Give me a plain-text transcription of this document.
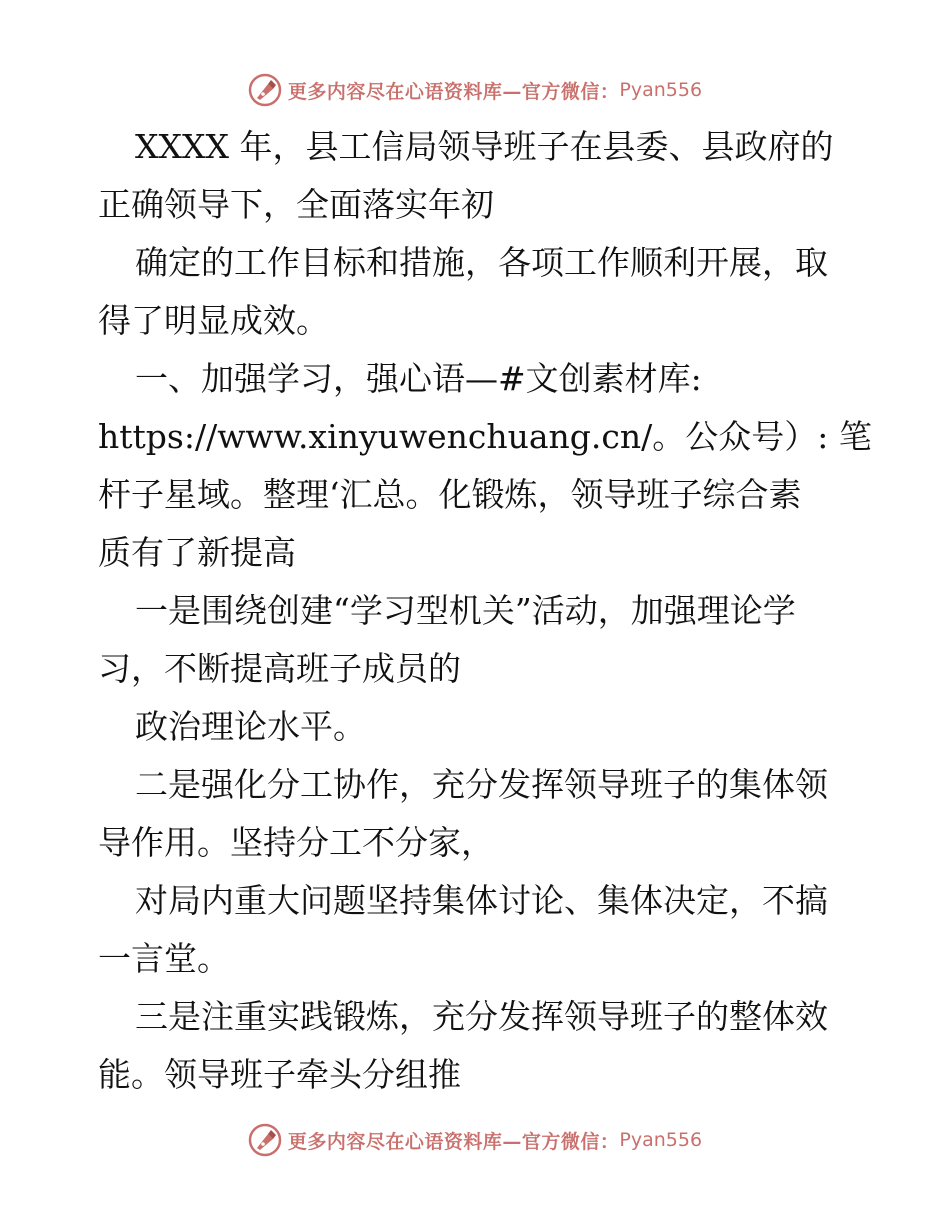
更多内容尽在心语资料库—官方微信： Pyan556
XXXX 年，县工信局领导班子在县委、县政府的
正确领导下，全面落实年初
确定的工作目标和措施，各项工作顺利开展，取
得了明显成效。
一、加强学习，强心语—#文创素材库:
https://www.xinyuwenchuang.cn/。公众号）: 笔
杆子星域。整理‘汇总。化锻炼，领导班子综合素
质有了新提高
一是围绕创建“学习型机关”活动，加强理论学
习，不断提高班子成员的
政治理论水平。
二是强化分工协作，充分发挥领导班子的集体领
导作用。坚持分工不分家，
对局内重大问题坚持集体讨论、集体决定，不搞
一言堂。
三是注重实践锻炼，充分发挥领导班子的整体效
能。领导班子牵头分组推
更多内容尽在心语资料库—官方微信： Pyan556
